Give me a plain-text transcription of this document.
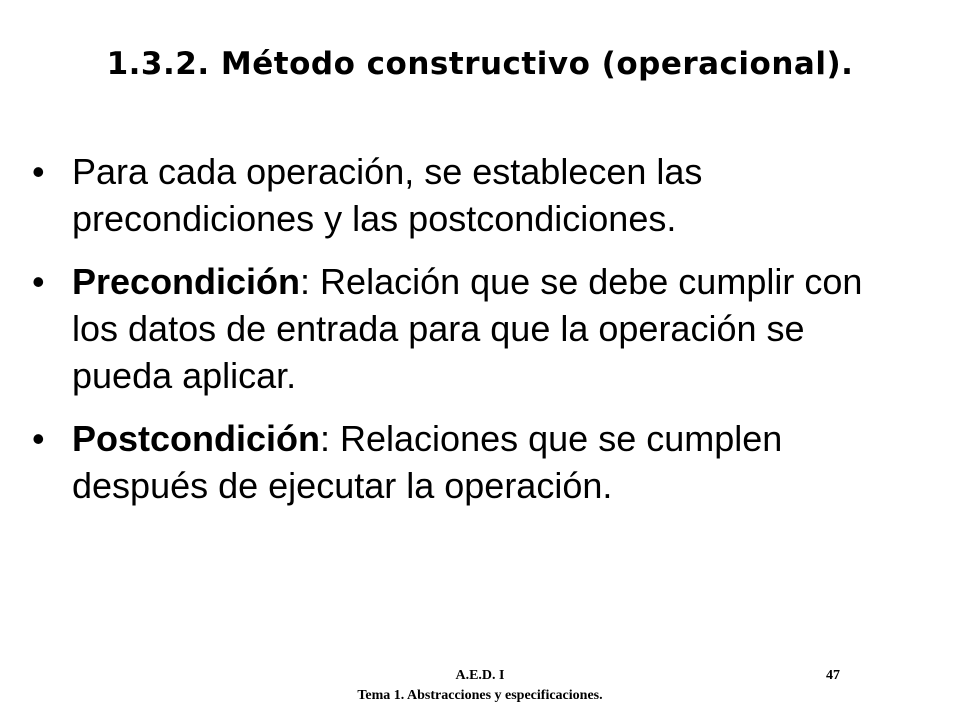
1.3.2. Método constructivo (operacional).
• Para cada operación, se establecen las precondiciones y las postcondiciones.
• Precondición: Relación que se debe cumplir con los datos de entrada para que la operación se pueda aplicar.
• Postcondición: Relaciones que se cumplen después de ejecutar la operación.
A.E.D. I
Tema 1. Abstracciones y especificaciones.
47
